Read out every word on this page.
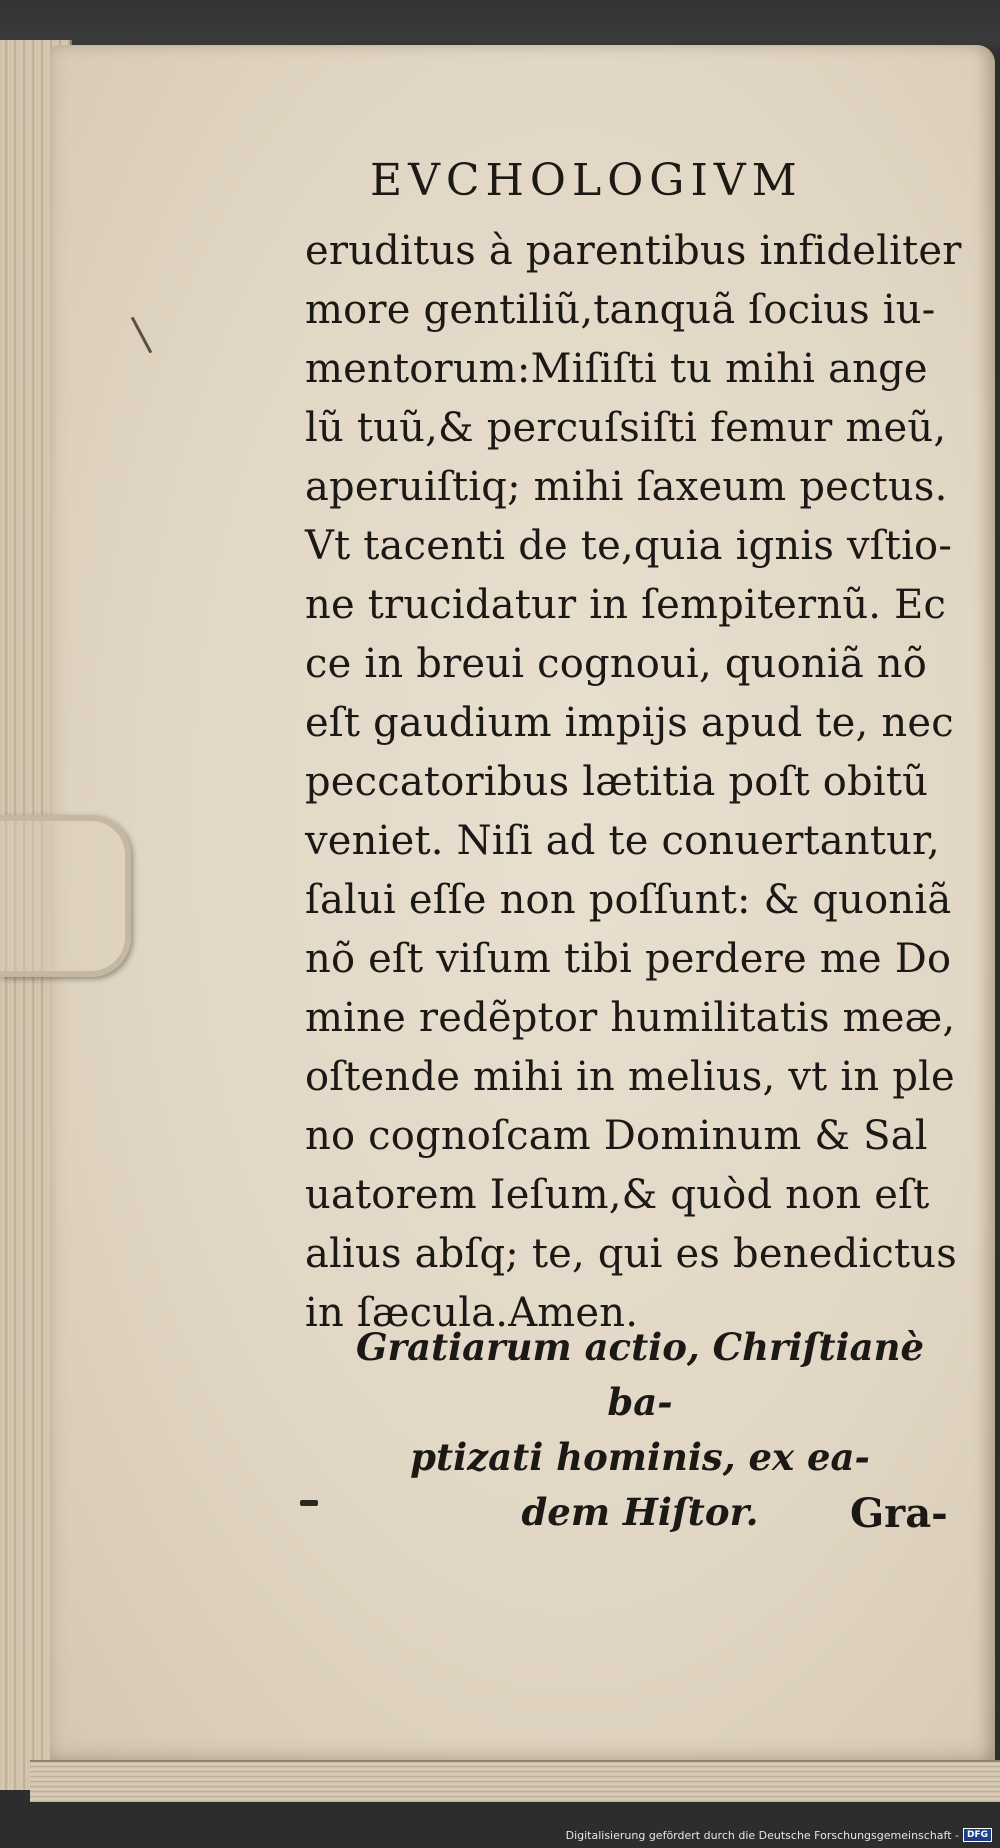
EVCHOLOGIVM
eruditus à parentibus infideliter
more gentiliũ,tanquã ſocius iu-
mentorum:Miſiſti tu mihi ange
lũ tuũ,& percuſsiſti femur meũ,
aperuiſtiq; mihi ſaxeum pectus.
Vt tacenti de te,quia ignis vſtio-
ne trucidatur in ſempiternũ. Ec
ce in breui cognoui, quoniã nõ
eſt gaudium impijs apud te, nec
peccatoribus lætitia poſt obitũ
veniet. Niſi ad te conuertantur,
ſalui eſſe non poſſunt: & quoniã
nõ eſt viſum tibi perdere me Do
mine redẽptor humilitatis meæ,
oſtende mihi in melius, vt in ple
no cognoſcam Dominum & Sal
uatorem Ieſum,& quòd non eſt
alius abſq; te, qui es benedictus
in ſæcula.Amen.
Gratiarum actio, Chriſtianè ba-
ptizati hominis, ex ea-
dem Hiſtor.	Gra-
Digitalisierung gefördert durch die Deutsche Forschungsgemeinschaft - DFG
